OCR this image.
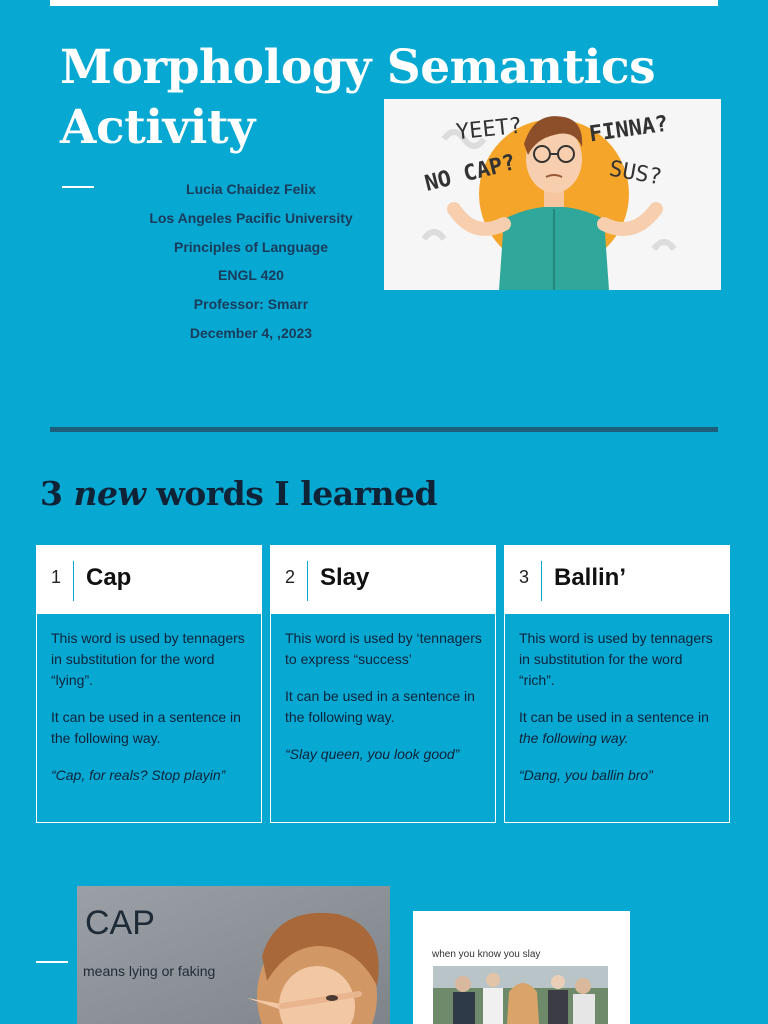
Morphology Semantics
Activity
Lucia Chaidez Felix
Los Angeles Pacific University
Principles of Language
ENGL 420
Professor: Smarr
December 4, ,2023
YEET?	FINNA?
NO CAP?	SUS?
3 new words I learned
1 Cap

This word is used by tennagers in substitution for the word “lying”.

It can be used in a sentence in the following way.

“Cap, for reals? Stop playin”

2 Slay

This word is used by ‘tennagers to express “success’

It can be used in a sentence in the following way.

“Slay queen, you look good”

3 Ballin’

This word is used by tennagers in substitution for the word “rich”.

It can be used in a sentence in the following way.

“Dang, you ballin bro”

CAP
means lying or faking
when you know you slay
